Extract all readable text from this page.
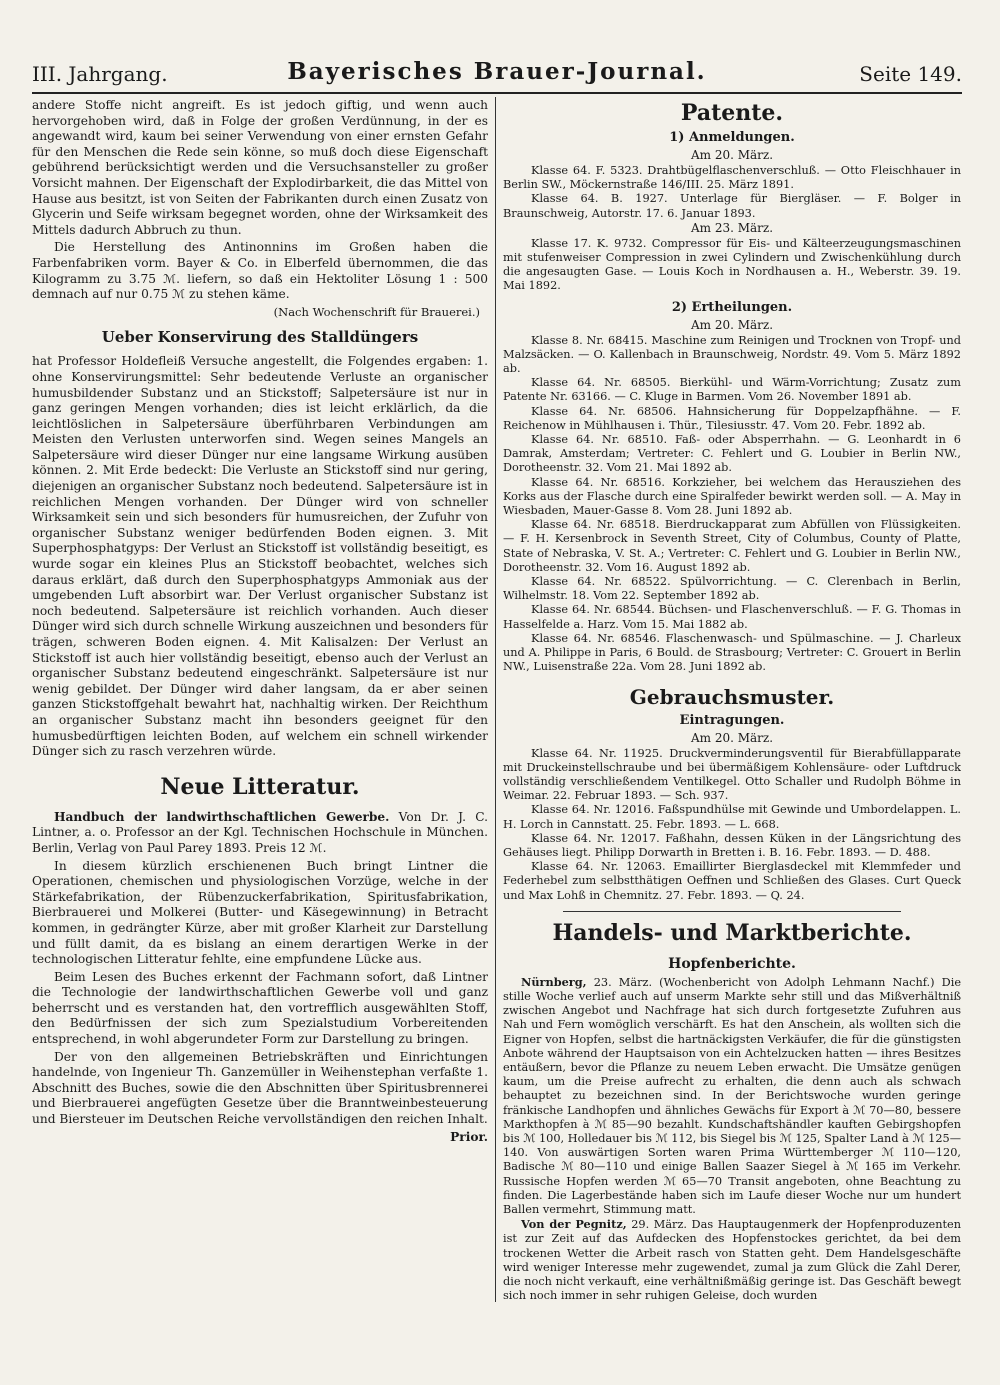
III. Jahrgang.	Bayerisches Brauer-Journal.	Seite 149.

andere Stoffe nicht angreift. Es ist jedoch giftig, und wenn auch hervorgehoben wird, daß in Folge der großen Verdünnung, in der es angewandt wird, kaum bei seiner Verwendung von einer ernsten Gefahr für den Menschen die Rede sein könne, so muß doch diese Eigenschaft gebührend berücksichtigt werden und die Versuchsansteller zu großer Vorsicht mahnen. Der Eigenschaft der Explodirbarkeit, die das Mittel von Hause aus besitzt, ist von Seiten der Fabrikanten durch einen Zusatz von Glycerin und Seife wirksam begegnet worden, ohne der Wirksamkeit des Mittels dadurch Abbruch zu thun.

Die Herstellung des Antinonnins im Großen haben die Farbenfabriken vorm. Bayer & Co. in Elberfeld übernommen, die das Kilogramm zu 3.75 ℳ. liefern, so daß ein Hektoliter Lösung 1 : 500 demnach auf nur 0.75 ℳ zu stehen käme.

(Nach Wochenschrift für Brauerei.)

Ueber Konservirung des Stalldüngers

hat Professor Holdefleiß Versuche angestellt, die Folgendes ergaben: 1. ohne Konservirungsmittel: Sehr bedeutende Verluste an organischer humusbildender Substanz und an Stickstoff; Salpetersäure ist nur in ganz geringen Mengen vorhanden; dies ist leicht erklärlich, da die leichtlöslichen in Salpetersäure überführbaren Verbindungen am Meisten den Verlusten unterworfen sind. Wegen seines Mangels an Salpetersäure wird dieser Dünger nur eine langsame Wirkung ausüben können. 2. Mit Erde bedeckt: Die Verluste an Stickstoff sind nur gering, diejenigen an organischer Substanz noch bedeutend. Salpetersäure ist in reichlichen Mengen vorhanden. Der Dünger wird von schneller Wirksamkeit sein und sich besonders für humusreichen, der Zufuhr von organischer Substanz weniger bedürfenden Boden eignen. 3. Mit Superphosphatgyps: Der Verlust an Stickstoff ist vollständig beseitigt, es wurde sogar ein kleines Plus an Stickstoff beobachtet, welches sich daraus erklärt, daß durch den Superphosphatgyps Ammoniak aus der umgebenden Luft absorbirt war. Der Verlust organischer Substanz ist noch bedeutend. Salpetersäure ist reichlich vorhanden. Auch dieser Dünger wird sich durch schnelle Wirkung auszeichnen und besonders für trägen, schweren Boden eignen. 4. Mit Kalisalzen: Der Verlust an Stickstoff ist auch hier vollständig beseitigt, ebenso auch der Verlust an organischer Substanz bedeutend eingeschränkt. Salpetersäure ist nur wenig gebildet. Der Dünger wird daher langsam, da er aber seinen ganzen Stickstoffgehalt bewahrt hat, nachhaltig wirken. Der Reichthum an organischer Substanz macht ihn besonders geeignet für den humusbedürftigen leichten Boden, auf welchem ein schnell wirkender Dünger sich zu rasch verzehren würde.

Neue Litteratur.

Handbuch der landwirthschaftlichen Gewerbe. Von Dr. J. C. Lintner, a. o. Professor an der Kgl. Technischen Hochschule in München. Berlin, Verlag von Paul Parey 1893. Preis 12 ℳ.

In diesem kürzlich erschienenen Buch bringt Lintner die Operationen, chemischen und physiologischen Vorzüge, welche in der Stärkefabrikation, der Rübenzuckerfabrikation, Spiritusfabrikation, Bierbrauerei und Molkerei (Butter- und Käsegewinnung) in Betracht kommen, in gedrängter Kürze, aber mit großer Klarheit zur Darstellung und füllt damit, da es bislang an einem derartigen Werke in der technologischen Litteratur fehlte, eine empfundene Lücke aus.

Beim Lesen des Buches erkennt der Fachmann sofort, daß Lintner die Technologie der landwirthschaftlichen Gewerbe voll und ganz beherrscht und es verstanden hat, den vortrefflich ausgewählten Stoff, den Bedürfnissen der sich zum Spezialstudium Vorbereitenden entsprechend, in wohl abgerundeter Form zur Darstellung zu bringen.

Der von den allgemeinen Betriebskräften und Einrichtungen handelnde, von Ingenieur Th. Ganzemüller in Weihenstephan verfaßte 1. Abschnitt des Buches, sowie die den Abschnitten über Spiritusbrennerei und Bierbrauerei angefügten Gesetze über die Branntweinbesteuerung und Biersteuer im Deutschen Reiche vervollständigen den reichen Inhalt.

Prior.

Patente.
1) Anmeldungen.
Am 20. März.

Klasse 64. F. 5323. Drahtbügelflaschenverschluß. — Otto Fleischhauer in Berlin SW., Möckernstraße 146/III. 25. März 1891.

Klasse 64. B. 1927. Unterlage für Biergläser. — F. Bolger in Braunschweig, Autorstr. 17. 6. Januar 1893.

Am 23. März.

Klasse 17. K. 9732. Compressor für Eis- und Kälteerzeugungsmaschinen mit stufenweiser Compression in zwei Cylindern und Zwischenkühlung durch die angesaugten Gase. — Louis Koch in Nordhausen a. H., Weberstr. 39. 19. Mai 1892.

2) Ertheilungen.
Am 20. März.

Klasse 8. Nr. 68415. Maschine zum Reinigen und Trocknen von Tropf- und Malzsäcken. — O. Kallenbach in Braunschweig, Nordstr. 49. Vom 5. März 1892 ab.

Klasse 64. Nr. 68505. Bierkühl- und Wärm-Vorrichtung; Zusatz zum Patente Nr. 63166. — C. Kluge in Barmen. Vom 26. November 1891 ab.

Klasse 64. Nr. 68506. Hahnsicherung für Doppelzapfhähne. — F. Reichenow in Mühlhausen i. Thür., Tilesiusstr. 47. Vom 20. Febr. 1892 ab.

Klasse 64. Nr. 68510. Faß- oder Absperrhahn. — G. Leonhardt in 6 Damrak, Amsterdam; Vertreter: C. Fehlert und G. Loubier in Berlin NW., Dorotheenstr. 32. Vom 21. Mai 1892 ab.

Klasse 64. Nr. 68516. Korkzieher, bei welchem das Herausziehen des Korks aus der Flasche durch eine Spiralfeder bewirkt werden soll. — A. May in Wiesbaden, Mauer-Gasse 8. Vom 28. Juni 1892 ab.

Klasse 64. Nr. 68518. Bierdruckapparat zum Abfüllen von Flüssigkeiten. — F. H. Kersenbrock in Seventh Street, City of Columbus, County of Platte, State of Nebraska, V. St. A.; Vertreter: C. Fehlert und G. Loubier in Berlin NW., Dorotheenstr. 32. Vom 16. August 1892 ab.

Klasse 64. Nr. 68522. Spülvorrichtung. — C. Clerenbach in Berlin, Wilhelmstr. 18. Vom 22. September 1892 ab.

Klasse 64. Nr. 68544. Büchsen- und Flaschenverschluß. — F. G. Thomas in Hasselfelde a. Harz. Vom 15. Mai 1882 ab.

Klasse 64. Nr. 68546. Flaschenwasch- und Spülmaschine. — J. Charleux und A. Philippe in Paris, 6 Bould. de Strasbourg; Vertreter: C. Grouert in Berlin NW., Luisenstraße 22a. Vom 28. Juni 1892 ab.

Gebrauchsmuster.
Eintragungen.
Am 20. März.

Klasse 64. Nr. 11925. Druckverminderungsventil für Bierabfüllapparate mit Druckeinstellschraube und bei übermäßigem Kohlensäure- oder Luftdruck vollständig verschließendem Ventilkegel. Otto Schaller und Rudolph Böhme in Weimar. 22. Februar 1893. — Sch. 937.

Klasse 64. Nr. 12016. Faßspundhülse mit Gewinde und Umbordelappen. L. H. Lorch in Cannstatt. 25. Febr. 1893. — L. 668.

Klasse 64. Nr. 12017. Faßhahn, dessen Küken in der Längsrichtung des Gehäuses liegt. Philipp Dorwarth in Bretten i. B. 16. Febr. 1893. — D. 488.

Klasse 64. Nr. 12063. Emaillirter Bierglasdeckel mit Klemmfeder und Federhebel zum selbstthätigen Oeffnen und Schließen des Glases. Curt Queck und Max Lohß in Chemnitz. 27. Febr. 1893. — Q. 24.

Handels- und Marktberichte.
Hopfenberichte.

Nürnberg, 23. März. (Wochenbericht von Adolph Lehmann Nachf.) Die stille Woche verlief auch auf unserm Markte sehr still und das Mißverhältniß zwischen Angebot und Nachfrage hat sich durch fortgesetzte Zufuhren aus Nah und Fern womöglich verschärft. Es hat den Anschein, als wollten sich die Eigner von Hopfen, selbst die hartnäckigsten Verkäufer, die für die günstigsten Anbote während der Hauptsaison von ein Achtelzucken hatten — ihres Besitzes entäußern, bevor die Pflanze zu neuem Leben erwacht. Die Umsätze genügen kaum, um die Preise aufrecht zu erhalten, die denn auch als schwach behauptet zu bezeichnen sind. In der Berichtswoche wurden geringe fränkische Landhopfen und ähnliches Gewächs für Export à ℳ 70—80, bessere Markthopfen à ℳ 85—90 bezahlt. Kundschaftshändler kauften Gebirgshopfen bis ℳ 100, Holledauer bis ℳ 112, bis Siegel bis ℳ 125, Spalter Land à ℳ 125—140. Von auswärtigen Sorten waren Prima Württemberger ℳ 110—120, Badische ℳ 80—110 und einige Ballen Saazer Siegel à ℳ 165 im Verkehr. Russische Hopfen werden ℳ 65—70 Transit angeboten, ohne Beachtung zu finden. Die Lagerbestände haben sich im Laufe dieser Woche nur um hundert Ballen vermehrt, Stimmung matt.

Von der Pegnitz, 29. März. Das Hauptaugenmerk der Hopfenproduzenten ist zur Zeit auf das Aufdecken des Hopfenstockes gerichtet, da bei dem trockenen Wetter die Arbeit rasch von Statten geht. Dem Handelsgeschäfte wird weniger Interesse mehr zugewendet, zumal ja zum Glück die Zahl Derer, die noch nicht verkauft, eine verhältnißmäßig geringe ist. Das Geschäft bewegt sich noch immer in sehr ruhigen Geleise, doch wurden
